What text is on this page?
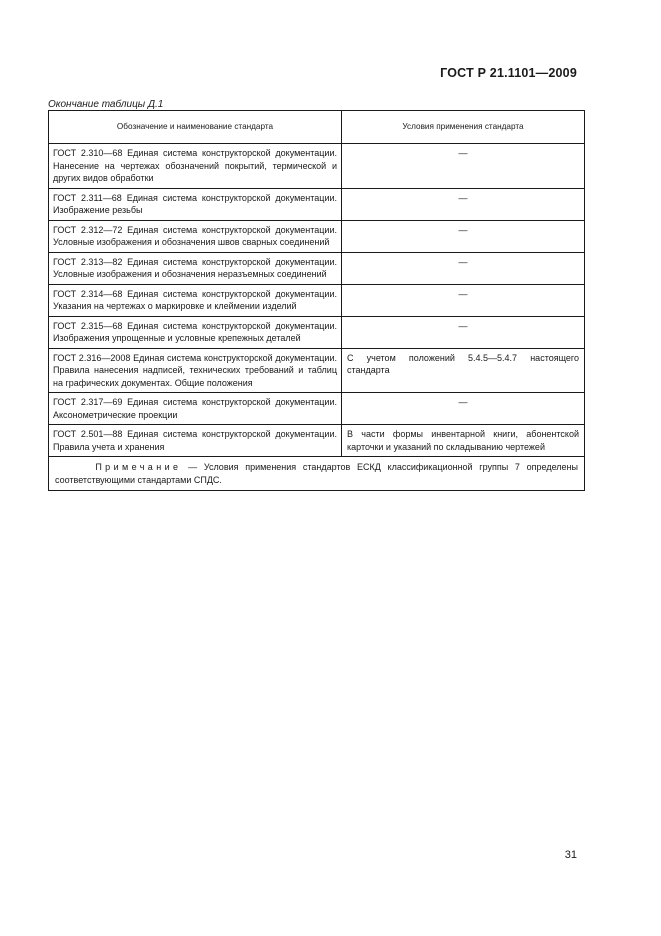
ГОСТ Р 21.1101—2009
Окончание таблицы Д.1
Обозначение и наименование стандарта	Условия применения стандарта
ГОСТ 2.310—68 Единая система конструкторской документации. Нанесение на чертежах обозначений покрытий, термической и других видов обработки	—
ГОСТ 2.311—68 Единая система конструкторской документации. Изображение резьбы	—
ГОСТ 2.312—72 Единая система конструкторской документации. Условные изображения и обозначения швов сварных соединений	—
ГОСТ 2.313—82 Единая система конструкторской документации. Условные изображения и обозначения неразъемных соединений	—
ГОСТ 2.314—68 Единая система конструкторской документации. Указания на чертежах о маркировке и клеймении изделий	—
ГОСТ 2.315—68 Единая система конструкторской документации. Изображения упрощенные и условные крепежных деталей	—
ГОСТ 2.316—2008 Единая система конструкторской документации. Правила нанесения надписей, технических требований и таблиц на графических документах. Общие положения	С учетом положений 5.4.5—5.4.7 настоящего стандарта
ГОСТ 2.317—69 Единая система конструкторской документации. Аксонометрические проекции	—
ГОСТ 2.501—88 Единая система конструкторской документации. Правила учета и хранения	В части формы инвентарной книги, абонентской карточки и указаний по складыванию чертежей
Примечание — Условия применения стандартов ЕСКД классификационной группы 7 определены соответствующими стандартами СПДС.	
31
